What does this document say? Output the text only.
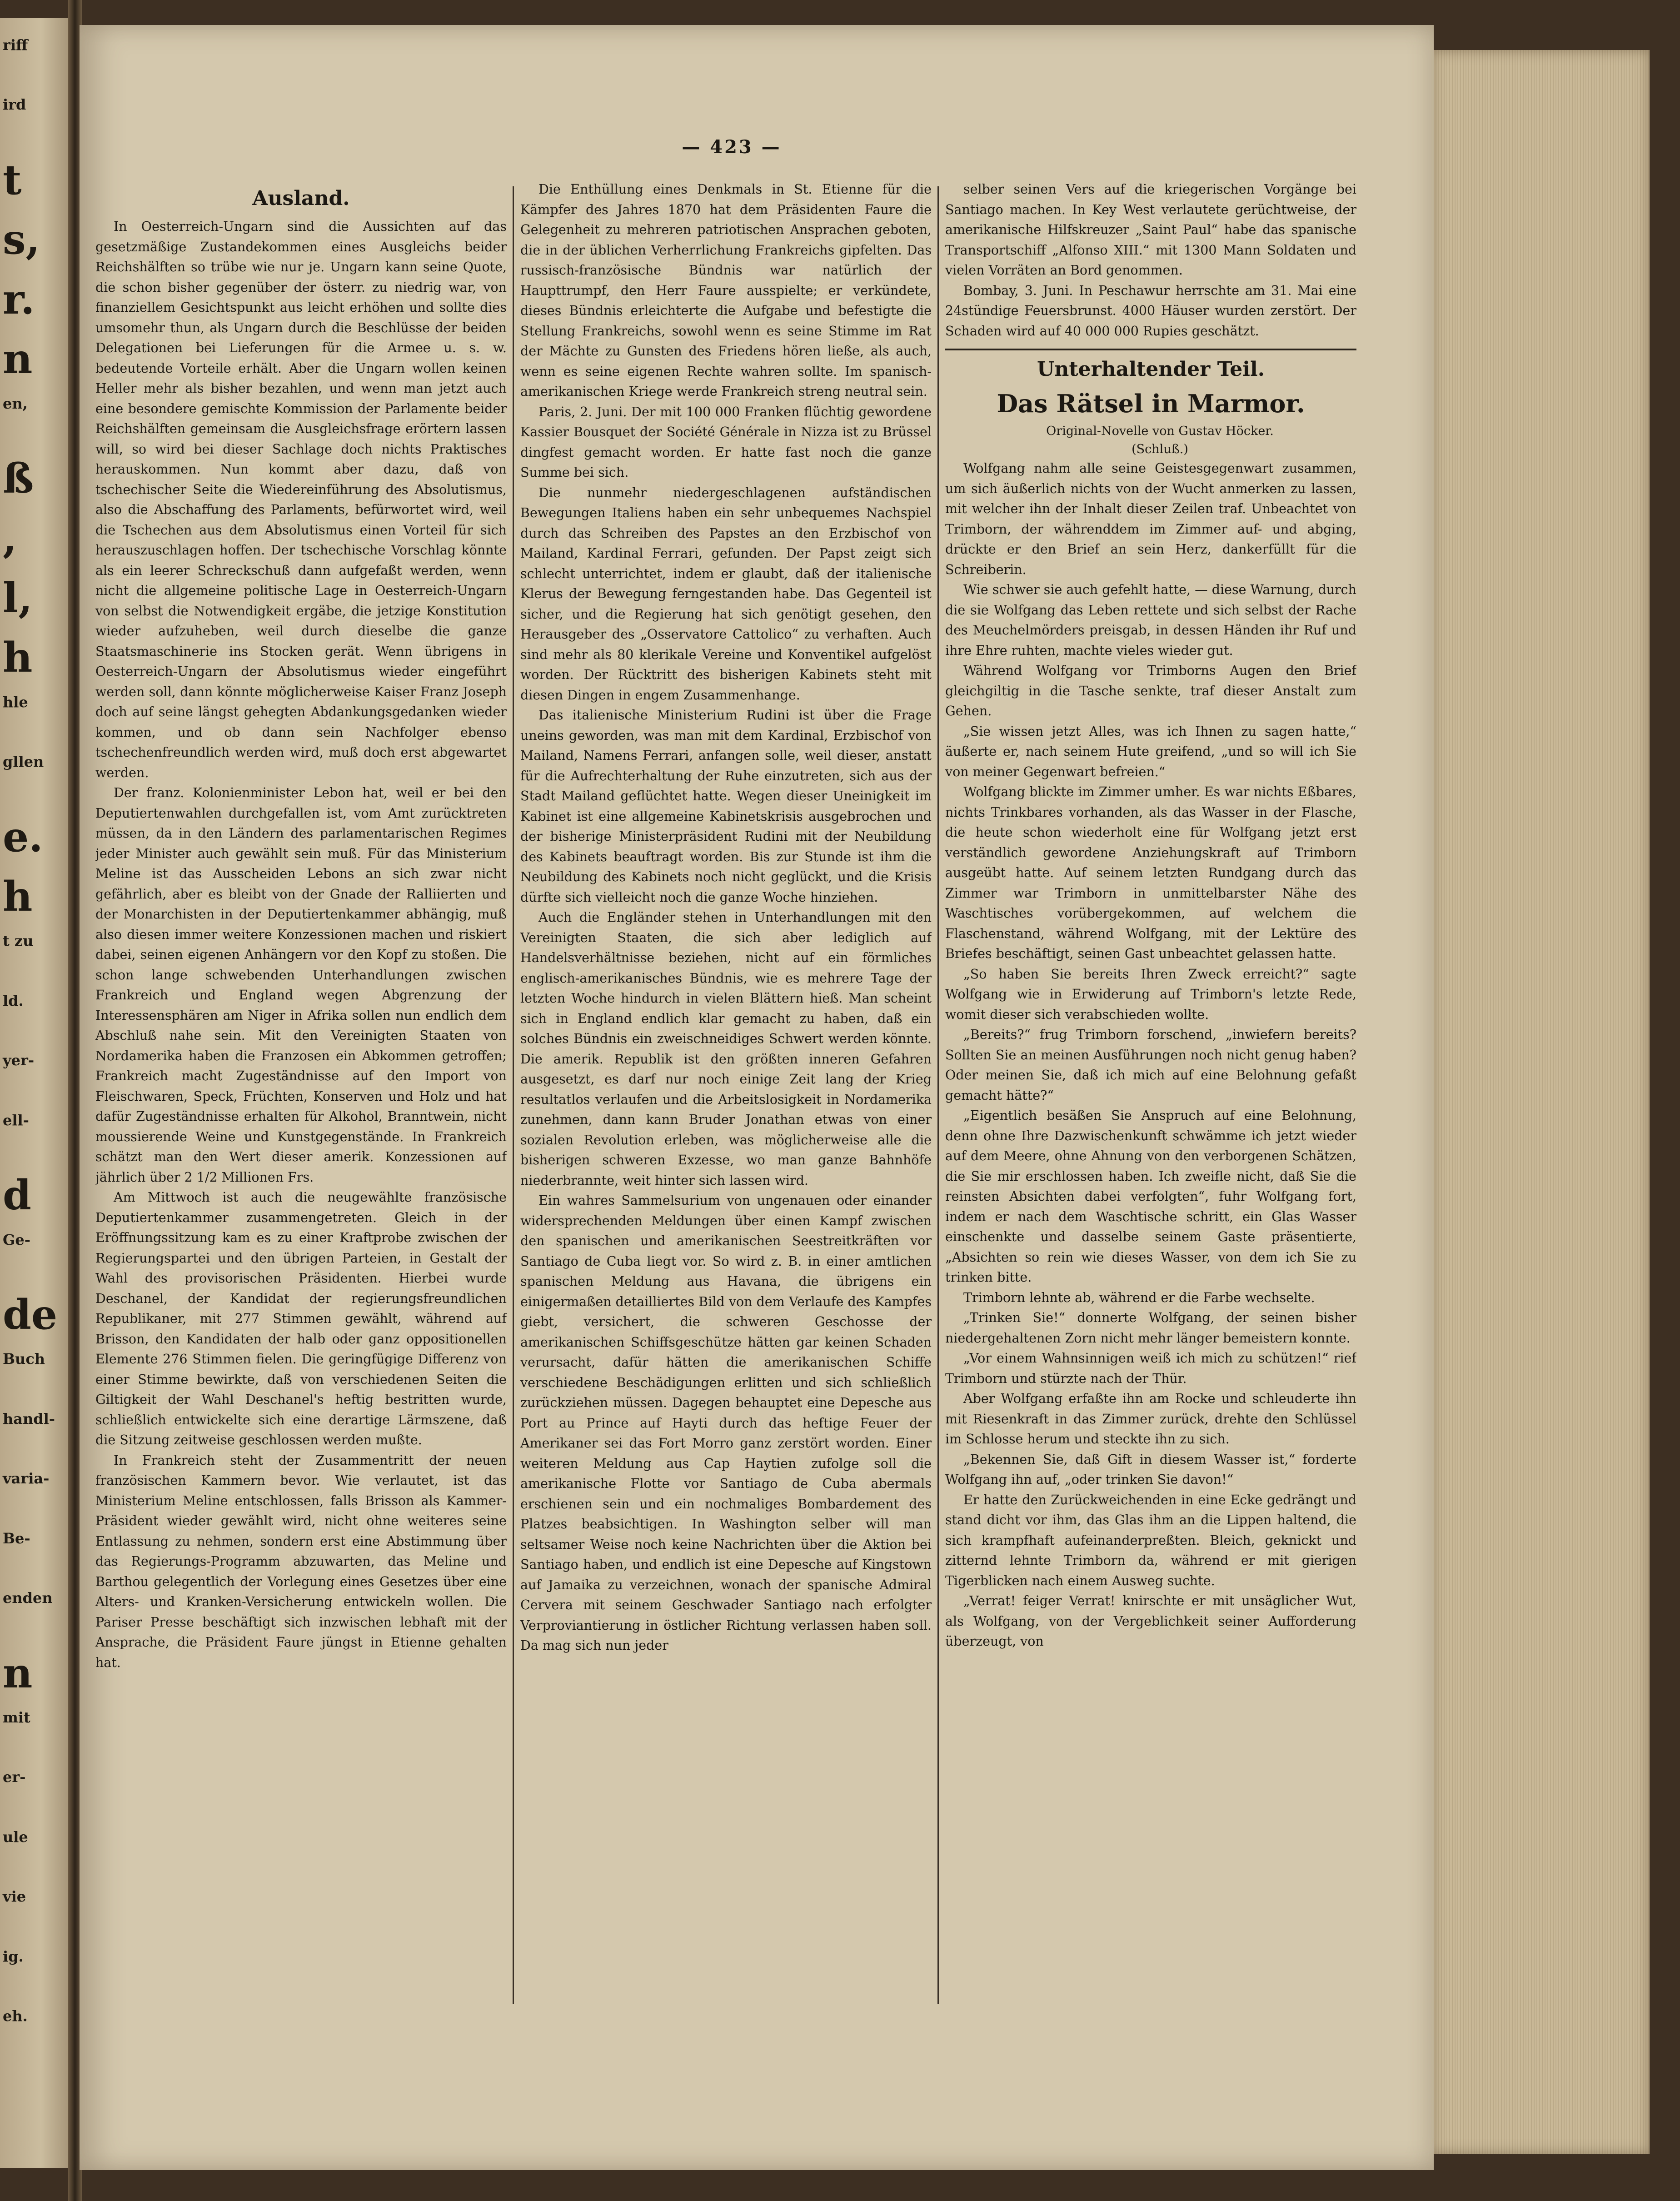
riff
ird
t
s,
r.
n
en,
ß
,
l,
h
hle
gllen
e.
h
t zu
ld.
yer-
ell-
d
Ge-
de
Buch
handl-
varia-
Be-
enden
n
mit
er-
ule
vie
ig.
eh.
— 423 —
Ausland.

In Oesterreich-Ungarn sind die Aussichten auf das gesetzmäßige Zustandekommen eines Ausgleichs beider Reichshälften so trübe wie nur je. Ungarn kann seine Quote, die schon bisher gegenüber der österr. zu niedrig war, von finanziellem Gesichtspunkt aus leicht erhöhen und sollte dies umsomehr thun, als Ungarn durch die Beschlüsse der beiden Delegationen bei Lieferungen für die Armee u. s. w. bedeutende Vorteile erhält. Aber die Ungarn wollen keinen Heller mehr als bisher bezahlen, und wenn man jetzt auch eine besondere gemischte Kommission der Parlamente beider Reichshälften gemeinsam die Ausgleichsfrage erörtern lassen will, so wird bei dieser Sachlage doch nichts Praktisches herauskommen. Nun kommt aber dazu, daß von tschechischer Seite die Wiedereinführung des Absolutismus, also die Abschaffung des Parlaments, befürwortet wird, weil die Tschechen aus dem Absolutismus einen Vorteil für sich herauszuschlagen hoffen. Der tschechische Vorschlag könnte als ein leerer Schreckschuß dann aufgefaßt werden, wenn nicht die allgemeine politische Lage in Oesterreich-Ungarn von selbst die Notwendigkeit ergäbe, die jetzige Konstitution wieder aufzuheben, weil durch dieselbe die ganze Staatsmaschinerie ins Stocken gerät. Wenn übrigens in Oesterreich-Ungarn der Absolutismus wieder eingeführt werden soll, dann könnte möglicherweise Kaiser Franz Joseph doch auf seine längst gehegten Abdankungsgedanken wieder kommen, und ob dann sein Nachfolger ebenso tschechenfreundlich werden wird, muß doch erst abgewartet werden.

Der franz. Kolonienminister Lebon hat, weil er bei den Deputiertenwahlen durchgefallen ist, vom Amt zurücktreten müssen, da in den Ländern des parlamentarischen Regimes jeder Minister auch gewählt sein muß. Für das Ministerium Meline ist das Ausscheiden Lebons an sich zwar nicht gefährlich, aber es bleibt von der Gnade der Ralliierten und der Monarchisten in der Deputiertenkammer abhängig, muß also diesen immer weitere Konzessionen machen und riskiert dabei, seinen eigenen Anhängern vor den Kopf zu stoßen. Die schon lange schwebenden Unterhandlungen zwischen Frankreich und England wegen Abgrenzung der Interessensphären am Niger in Afrika sollen nun endlich dem Abschluß nahe sein. Mit den Vereinigten Staaten von Nordamerika haben die Franzosen ein Abkommen getroffen; Frankreich macht Zugeständnisse auf den Import von Fleischwaren, Speck, Früchten, Konserven und Holz und hat dafür Zugeständnisse erhalten für Alkohol, Branntwein, nicht moussierende Weine und Kunstgegenstände. In Frankreich schätzt man den Wert dieser amerik. Konzessionen auf jährlich über 2 1/2 Millionen Frs.

Am Mittwoch ist auch die neugewählte französische Deputiertenkammer zusammengetreten. Gleich in der Eröffnungssitzung kam es zu einer Kraftprobe zwischen der Regierungspartei und den übrigen Parteien, in Gestalt der Wahl des provisorischen Präsidenten. Hierbei wurde Deschanel, der Kandidat der regierungsfreundlichen Republikaner, mit 277 Stimmen gewählt, während auf Brisson, den Kandidaten der halb oder ganz oppositionellen Elemente 276 Stimmen fielen. Die geringfügige Differenz von einer Stimme bewirkte, daß von verschiedenen Seiten die Giltigkeit der Wahl Deschanel's heftig bestritten wurde, schließlich entwickelte sich eine derartige Lärmszene, daß die Sitzung zeitweise geschlossen werden mußte.

In Frankreich steht der Zusammentritt der neuen französischen Kammern bevor. Wie verlautet, ist das Ministerium Meline entschlossen, falls Brisson als Kammer-Präsident wieder gewählt wird, nicht ohne weiteres seine Entlassung zu nehmen, sondern erst eine Abstimmung über das Regierungs-Programm abzuwarten, das Meline und Barthou gelegentlich der Vorlegung eines Gesetzes über eine Alters- und Kranken-Versicherung entwickeln wollen. Die Pariser Presse beschäftigt sich inzwischen lebhaft mit der Ansprache, die Präsident Faure jüngst in Etienne gehalten hat.

Die Enthüllung eines Denkmals in St. Etienne für die Kämpfer des Jahres 1870 hat dem Präsidenten Faure die Gelegenheit zu mehreren patriotischen Ansprachen geboten, die in der üblichen Verherrlichung Frankreichs gipfelten. Das russisch-französische Bündnis war natürlich der Haupttrumpf, den Herr Faure ausspielte; er verkündete, dieses Bündnis erleichterte die Aufgabe und befestigte die Stellung Frankreichs, sowohl wenn es seine Stimme im Rat der Mächte zu Gunsten des Friedens hören ließe, als auch, wenn es seine eigenen Rechte wahren sollte. Im spanisch-amerikanischen Kriege werde Frankreich streng neutral sein.

Paris, 2. Juni. Der mit 100 000 Franken flüchtig gewordene Kassier Bousquet der Société Générale in Nizza ist zu Brüssel dingfest gemacht worden. Er hatte fast noch die ganze Summe bei sich.

Die nunmehr niedergeschlagenen aufständischen Bewegungen Italiens haben ein sehr unbequemes Nachspiel durch das Schreiben des Papstes an den Erzbischof von Mailand, Kardinal Ferrari, gefunden. Der Papst zeigt sich schlecht unterrichtet, indem er glaubt, daß der italienische Klerus der Bewegung ferngestanden habe. Das Gegenteil ist sicher, und die Regierung hat sich genötigt gesehen, den Herausgeber des „Osservatore Cattolico“ zu verhaften. Auch sind mehr als 80 klerikale Vereine und Konventikel aufgelöst worden. Der Rücktritt des bisherigen Kabinets steht mit diesen Dingen in engem Zusammenhange.

Das italienische Ministerium Rudini ist über die Frage uneins geworden, was man mit dem Kardinal, Erzbischof von Mailand, Namens Ferrari, anfangen solle, weil dieser, anstatt für die Aufrechterhaltung der Ruhe einzutreten, sich aus der Stadt Mailand geflüchtet hatte. Wegen dieser Uneinigkeit im Kabinet ist eine allgemeine Kabinetskrisis ausgebrochen und der bisherige Ministerpräsident Rudini mit der Neubildung des Kabinets beauftragt worden. Bis zur Stunde ist ihm die Neubildung des Kabinets noch nicht geglückt, und die Krisis dürfte sich vielleicht noch die ganze Woche hinziehen.

Auch die Engländer stehen in Unterhandlungen mit den Vereinigten Staaten, die sich aber lediglich auf Handelsverhältnisse beziehen, nicht auf ein förmliches englisch-amerikanisches Bündnis, wie es mehrere Tage der letzten Woche hindurch in vielen Blättern hieß. Man scheint sich in England endlich klar gemacht zu haben, daß ein solches Bündnis ein zweischneidiges Schwert werden könnte. Die amerik. Republik ist den größten inneren Gefahren ausgesetzt, es darf nur noch einige Zeit lang der Krieg resultatlos verlaufen und die Arbeitslosigkeit in Nordamerika zunehmen, dann kann Bruder Jonathan etwas von einer sozialen Revolution erleben, was möglicherweise alle die bisherigen schweren Exzesse, wo man ganze Bahnhöfe niederbrannte, weit hinter sich lassen wird.

Ein wahres Sammelsurium von ungenauen oder einander widersprechenden Meldungen über einen Kampf zwischen den spanischen und amerikanischen Seestreitkräften vor Santiago de Cuba liegt vor. So wird z. B. in einer amtlichen spanischen Meldung aus Havana, die übrigens ein einigermaßen detailliertes Bild von dem Verlaufe des Kampfes giebt, versichert, die schweren Geschosse der amerikanischen Schiffsgeschütze hätten gar keinen Schaden verursacht, dafür hätten die amerikanischen Schiffe verschiedene Beschädigungen erlitten und sich schließlich zurückziehen müssen. Dagegen behauptet eine Depesche aus Port au Prince auf Hayti durch das heftige Feuer der Amerikaner sei das Fort Morro ganz zerstört worden. Einer weiteren Meldung aus Cap Haytien zufolge soll die amerikanische Flotte vor Santiago de Cuba abermals erschienen sein und ein nochmaliges Bombardement des Platzes beabsichtigen. In Washington selber will man seltsamer Weise noch keine Nachrichten über die Aktion bei Santiago haben, und endlich ist eine Depesche auf Kingstown auf Jamaika zu verzeichnen, wonach der spanische Admiral Cervera mit seinem Geschwader Santiago nach erfolgter Verproviantierung in östlicher Richtung verlassen haben soll. Da mag sich nun jeder

selber seinen Vers auf die kriegerischen Vorgänge bei Santiago machen. In Key West verlautete gerüchtweise, der amerikanische Hilfskreuzer „Saint Paul“ habe das spanische Transportschiff „Alfonso XIII.“ mit 1300 Mann Soldaten und vielen Vorräten an Bord genommen.

Bombay, 3. Juni. In Peschawur herrschte am 31. Mai eine 24stündige Feuersbrunst. 4000 Häuser wurden zerstört. Der Schaden wird auf 40 000 000 Rupies geschätzt.

Unterhaltender Teil.
Das Rätsel in Marmor.

Original-Novelle von Gustav Höcker.

(Schluß.)

Wolfgang nahm alle seine Geistesgegenwart zusammen, um sich äußerlich nichts von der Wucht anmerken zu lassen, mit welcher ihn der Inhalt dieser Zeilen traf. Unbeachtet von Trimborn, der währenddem im Zimmer auf- und abging, drückte er den Brief an sein Herz, dankerfüllt für die Schreiberin.

Wie schwer sie auch gefehlt hatte, — diese Warnung, durch die sie Wolfgang das Leben rettete und sich selbst der Rache des Meuchelmörders preisgab, in dessen Händen ihr Ruf und ihre Ehre ruhten, machte vieles wieder gut.

Während Wolfgang vor Trimborns Augen den Brief gleichgiltig in die Tasche senkte, traf dieser Anstalt zum Gehen.

„Sie wissen jetzt Alles, was ich Ihnen zu sagen hatte,“ äußerte er, nach seinem Hute greifend, „und so will ich Sie von meiner Gegenwart befreien.“

Wolfgang blickte im Zimmer umher. Es war nichts Eßbares, nichts Trinkbares vorhanden, als das Wasser in der Flasche, die heute schon wiederholt eine für Wolfgang jetzt erst verständlich gewordene Anziehungskraft auf Trimborn ausgeübt hatte. Auf seinem letzten Rundgang durch das Zimmer war Trimborn in unmittelbarster Nähe des Waschtisches vorübergekommen, auf welchem die Flaschenstand, während Wolfgang, mit der Lektüre des Briefes beschäftigt, seinen Gast unbeachtet gelassen hatte.

„So haben Sie bereits Ihren Zweck erreicht?“ sagte Wolfgang wie in Erwiderung auf Trimborn's letzte Rede, womit dieser sich verabschieden wollte.

„Bereits?“ frug Trimborn forschend, „inwiefern bereits? Sollten Sie an meinen Ausführungen noch nicht genug haben? Oder meinen Sie, daß ich mich auf eine Belohnung gefaßt gemacht hätte?“

„Eigentlich besäßen Sie Anspruch auf eine Belohnung, denn ohne Ihre Dazwischenkunft schwämme ich jetzt wieder auf dem Meere, ohne Ahnung von den verborgenen Schätzen, die Sie mir erschlossen haben. Ich zweifle nicht, daß Sie die reinsten Absichten dabei verfolgten“, fuhr Wolfgang fort, indem er nach dem Waschtische schritt, ein Glas Wasser einschenkte und dasselbe seinem Gaste präsentierte, „Absichten so rein wie dieses Wasser, von dem ich Sie zu trinken bitte.

Trimborn lehnte ab, während er die Farbe wechselte.

„Trinken Sie!“ donnerte Wolfgang, der seinen bisher niedergehaltenen Zorn nicht mehr länger bemeistern konnte.

„Vor einem Wahnsinnigen weiß ich mich zu schützen!“ rief Trimborn und stürzte nach der Thür.

Aber Wolfgang erfaßte ihn am Rocke und schleuderte ihn mit Riesenkraft in das Zimmer zurück, drehte den Schlüssel im Schlosse herum und steckte ihn zu sich.

„Bekennen Sie, daß Gift in diesem Wasser ist,“ forderte Wolfgang ihn auf, „oder trinken Sie davon!“

Er hatte den Zurückweichenden in eine Ecke gedrängt und stand dicht vor ihm, das Glas ihm an die Lippen haltend, die sich krampfhaft aufeinanderpreßten. Bleich, geknickt und zitternd lehnte Trimborn da, während er mit gierigen Tigerblicken nach einem Ausweg suchte.

„Verrat! feiger Verrat! knirschte er mit unsäglicher Wut, als Wolfgang, von der Vergeblichkeit seiner Aufforderung überzeugt, von
